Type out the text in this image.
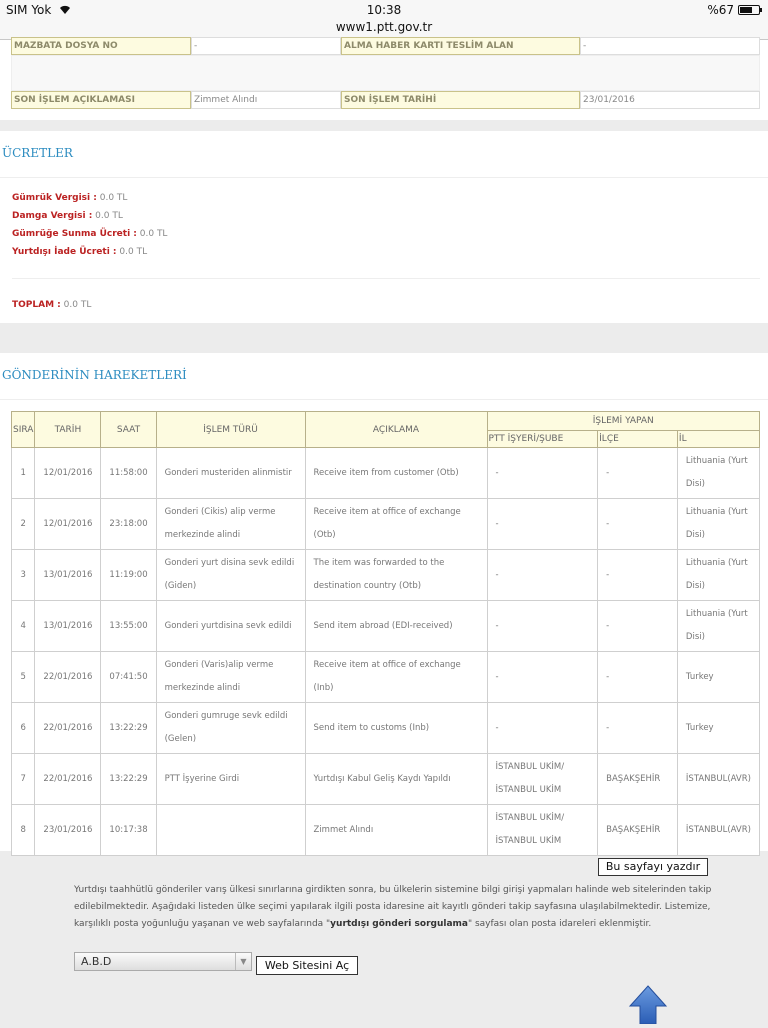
SIM Yok	10:38
www1.ptt.gov.tr
%67
MAZBATA DOSYA NO	-	ALMA HABER KARTI TESLİM ALAN	-
SON İŞLEM AÇIKLAMASI	Zimmet Alındı	SON İŞLEM TARİHİ	23/01/2016
ÜCRETLER
Gümrük Vergisi : 0.0 TL
Damga Vergisi : 0.0 TL
Gümrüğe Sunma Ücreti : 0.0 TL
Yurtdışı İade Ücreti : 0.0 TL
TOPLAM : 0.0 TL
GÖNDERİNİN HAREKETLERİ
SIRA	TARİH	SAAT	İŞLEM TÜRÜ	AÇIKLAMA	İŞLEMİ YAPAN		
					PTT İŞYERİ/ŞUBE	İLÇE	İL
1	12/01/2016	11:58:00	Gonderi musteriden alinmistir	Receive item from customer (Otb)	-	-	Lithuania (Yurt Disi)
2	12/01/2016	23:18:00	Gonderi (Cikis) alip verme merkezinde alindi	Receive item at office of exchange (Otb)	-	-	Lithuania (Yurt Disi)
3	13/01/2016	11:19:00	Gonderi yurt disina sevk edildi (Giden)	The item was forwarded to the destination country (Otb)	-	-	Lithuania (Yurt Disi)
4	13/01/2016	13:55:00	Gonderi yurtdisina sevk edildi	Send item abroad (EDI-received)	-	-	Lithuania (Yurt Disi)
5	22/01/2016	07:41:50	Gonderi (Varis)alip verme merkezinde alindi	Receive item at office of exchange (Inb)	-	-	Turkey
6	22/01/2016	13:22:29	Gonderi gumruge sevk edildi (Gelen)	Send item to customs (Inb)	-	-	Turkey
7	22/01/2016	13:22:29	PTT İşyerine Girdi	Yurtdışı Kabul Geliş Kaydı Yapıldı	İSTANBUL UKİM/ İSTANBUL UKİM	BAŞAKŞEHİR	İSTANBUL(AVR)
8	23/01/2016	10:17:38		Zimmet Alındı	İSTANBUL UKİM/ İSTANBUL UKİM	BAŞAKŞEHİR	İSTANBUL(AVR)
Bu sayfayı yazdır
Yurtdışı taahhütlü gönderiler varış ülkesi sınırlarına girdikten sonra, bu ülkelerin sistemine bilgi girişi yapmaları halinde web sitelerinden takip edilebilmektedir. Aşağıdaki listeden ülke seçimi yapılarak ilgili posta idaresine ait kayıtlı gönderi takip sayfasına ulaşılabilmektedir. Listemize, karşılıklı posta yoğunluğu yaşanan ve web sayfalarında "yurtdışı gönderi sorgulama" sayfası olan posta idareleri eklenmiştir.
A.B.D	▼	Web Sitesini Aç
